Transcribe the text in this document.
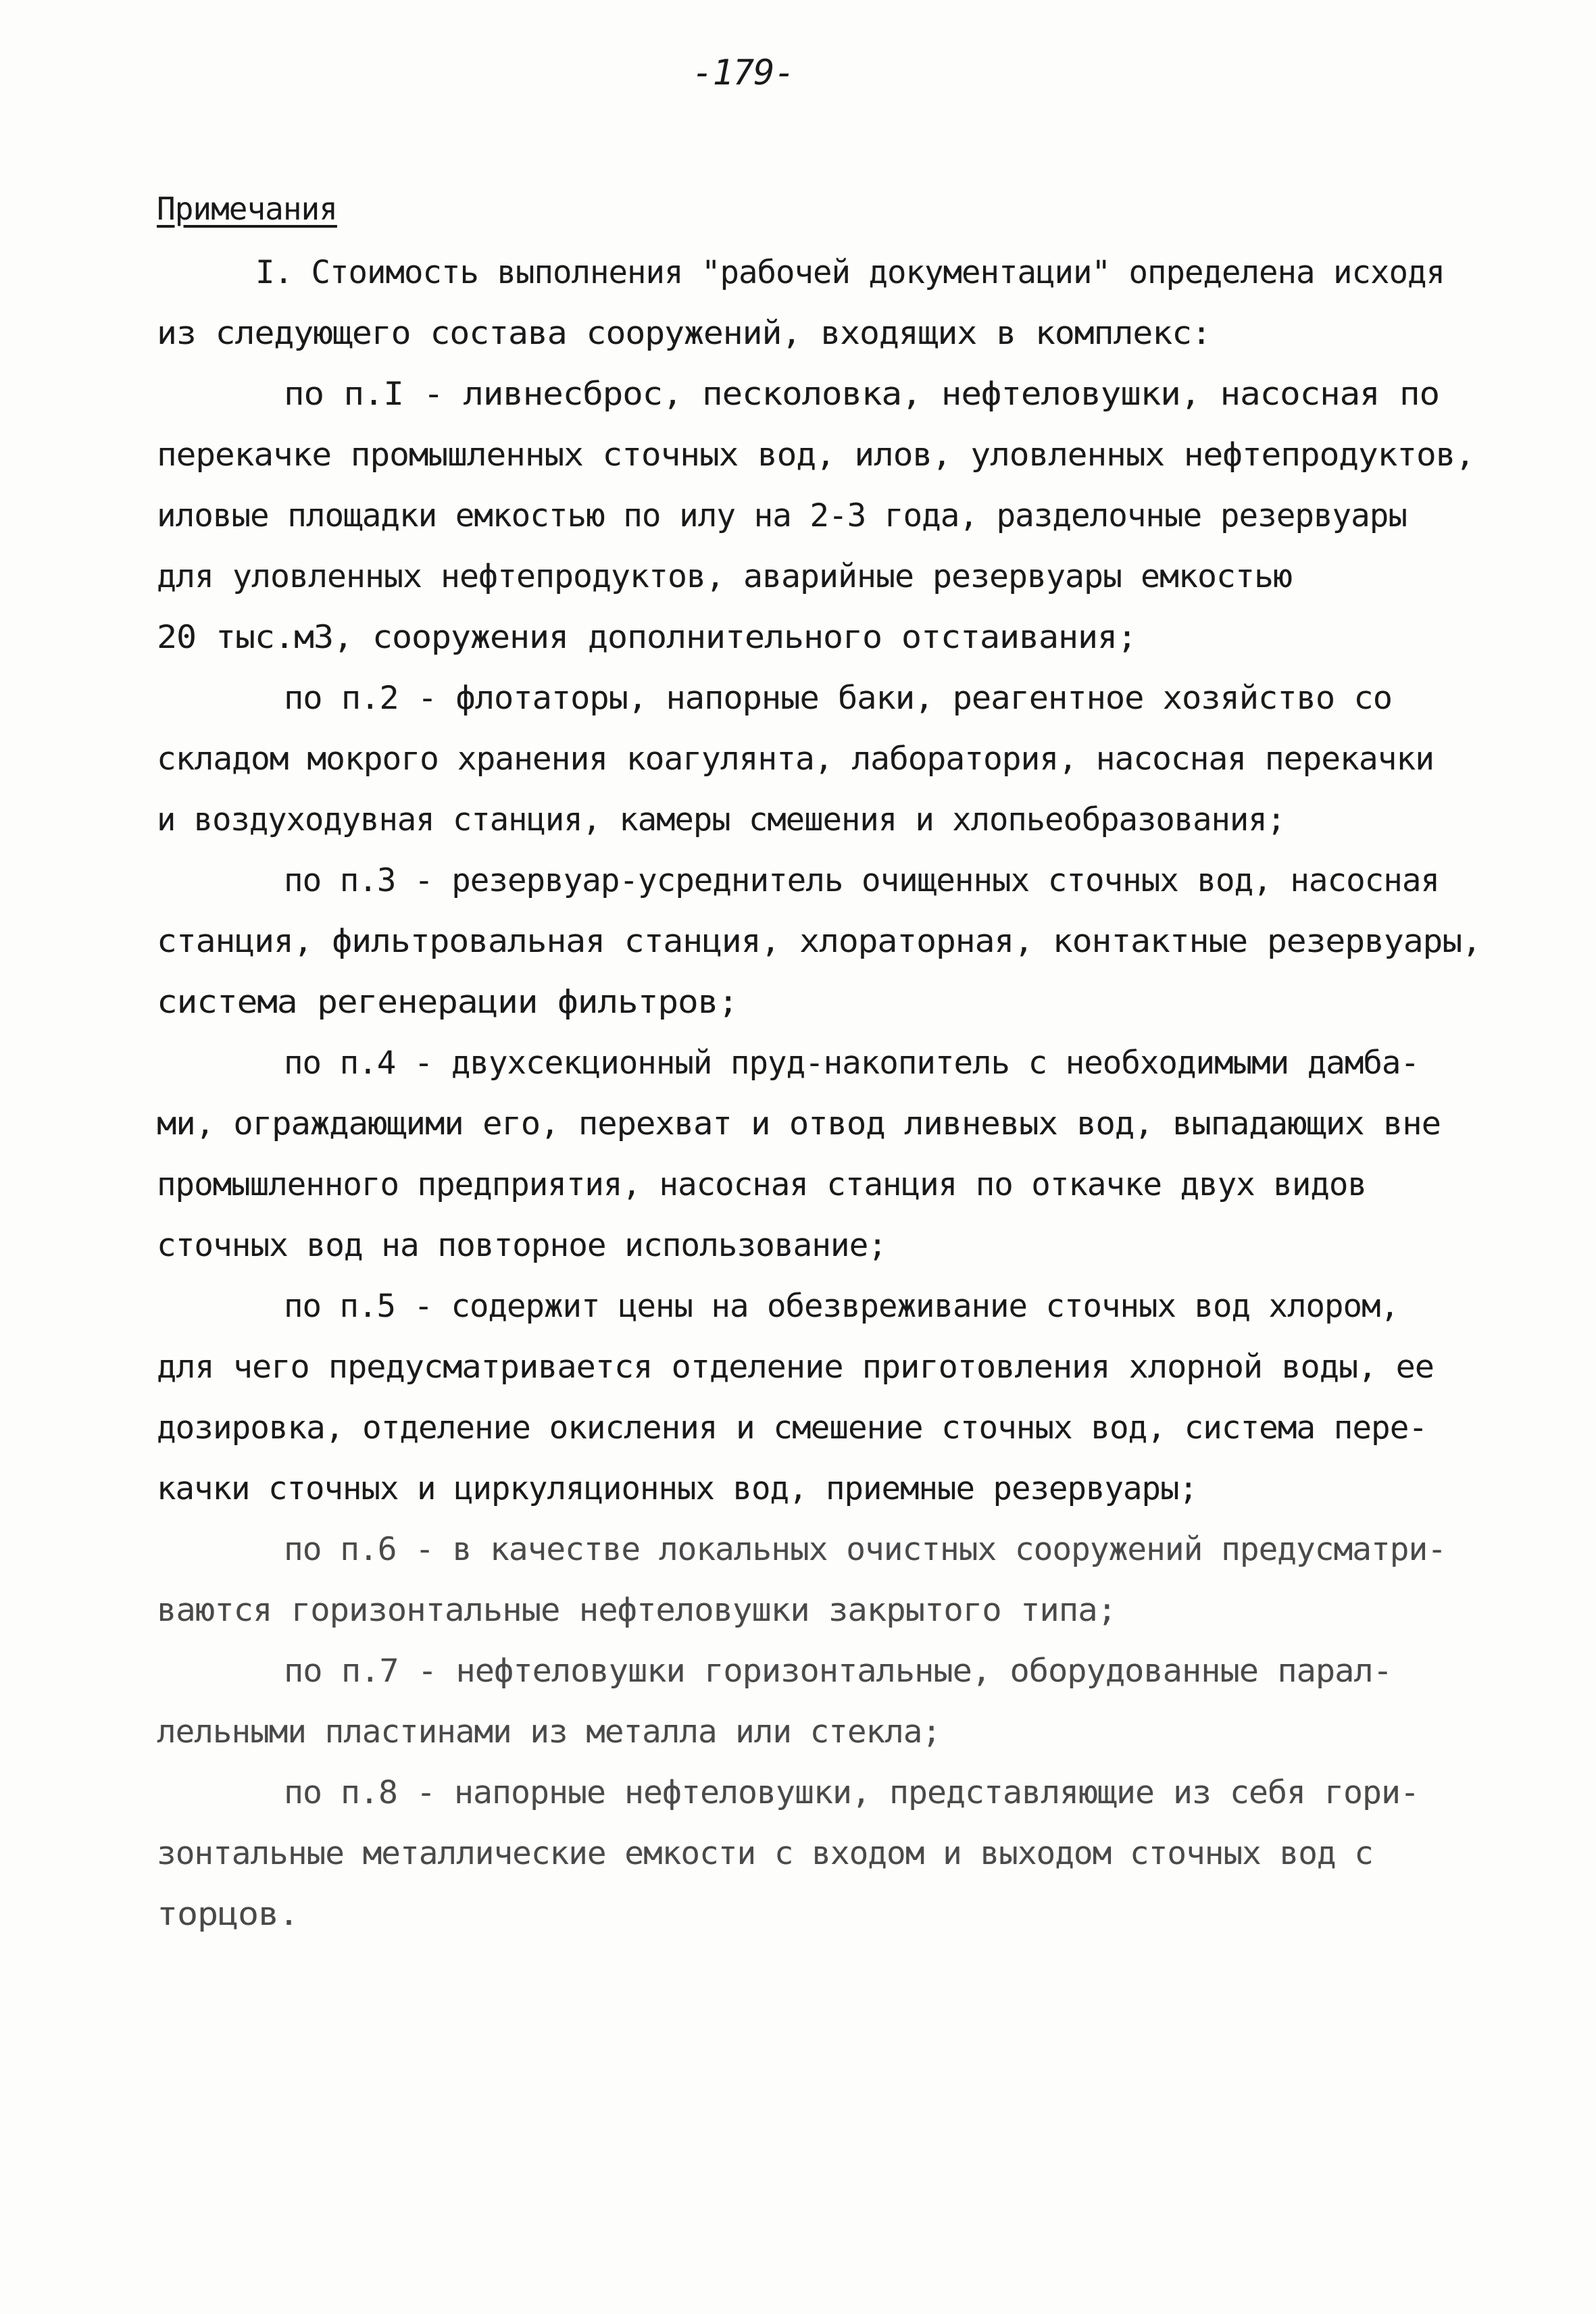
-179-
Примечания
I. Стоимость выполнения "рабочей документации" определена исходя
из следующего состава сооружений, входящих в комплекс:
по п.I - ливнесброс, песколовка, нефтеловушки, насосная по
перекачке промышленных сточных вод, илов, уловленных нефтепродуктов,
иловые площадки емкостью по илу на 2-3 года, разделочные резервуары
для уловленных нефтепродуктов, аварийные резервуары емкостью
20 тыс.м3, сооружения дополнительного отстаивания;
по п.2 - флотаторы, напорные баки, реагентное хозяйство со
складом мокрого хранения коагулянта, лаборатория, насосная перекачки
и воздуходувная станция, камеры смешения и хлопьеобразования;
по п.3 - резервуар-усреднитель очищенных сточных вод, насосная
станция, фильтровальная станция, хлораторная, контактные резервуары,
система регенерации фильтров;
по п.4 - двухсекционный пруд-накопитель с необходимыми дамба-
ми, ограждающими его, перехват и отвод ливневых вод, выпадающих вне
промышленного предприятия, насосная станция по откачке двух видов
сточных вод на повторное использование;
по п.5 - содержит цены на обезвреживание сточных вод хлором,
для чего предусматривается отделение приготовления хлорной воды, ее
дозировка, отделение окисления и смешение сточных вод, система пере-
качки сточных и циркуляционных вод, приемные резервуары;
по п.6 - в качестве локальных очистных сооружений предусматри-
ваются горизонтальные нефтеловушки закрытого типа;
по п.7 - нефтеловушки горизонтальные, оборудованные парал-
лельными пластинами из металла или стекла;
по п.8 - напорные нефтеловушки, представляющие из себя гори-
зонтальные металлические емкости с входом и выходом сточных вод с
торцов.
